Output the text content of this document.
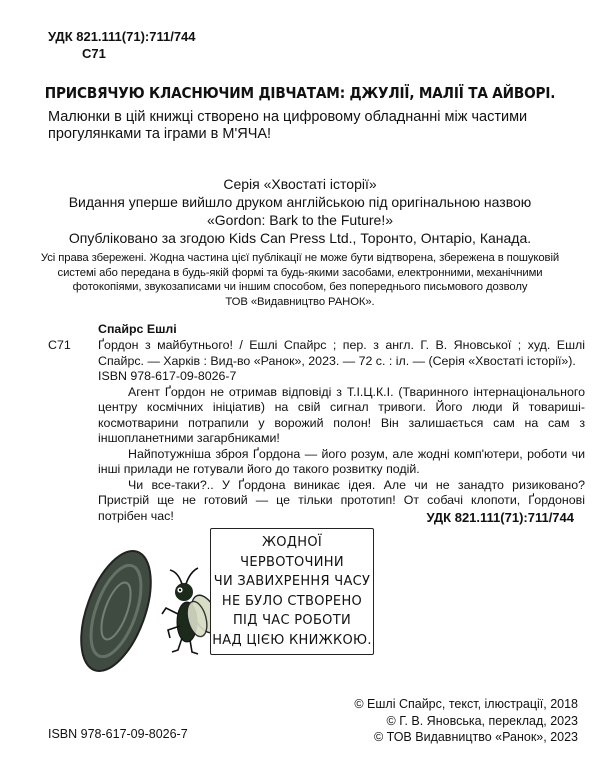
УДК 821.111(71):711/744
С71
ПРИСВЯЧУЮ КЛАСНЮЧИМ ДІВЧАТАМ: ДЖУЛІЇ, МАЛІЇ ТА АЙВОРІ.
Малюнки в цій книжці створено на цифровому обладнанні між частими прогулянками та іграми в М'ЯЧА!
Серія «Хвостаті історії»
Видання уперше вийшло друком англійською під оригінальною назвою
«Gordon: Bark to the Future!»
Опубліковано за згодою Kids Can Press Ltd., Торонто, Онтаріо, Канада.
Усі права збережені. Жодна частина цієї публікації не може бути відтворена, збережена в пошуковій
системі або передана в будь-якій формі та будь-якими засобами, електронними, механічними
фотокопіями, звукозаписами чи іншим способом, без попереднього письмового дозволу
ТОВ «Видавництво РАНОК».
С71
Спайрс Ешлі

Ґордон з майбутнього! / Ешлі Спайрс ; пер. з англ. Г. В. Яновської ; худ. Ешлі Спайрс. — Харків : Вид-во «Ранок», 2023. — 72 с. : іл. — (Серія «Хвостаті історії»).

ISBN 978-617-09-8026-7

Агент Ґордон не отримав відповіді з Т.І.Ц.К.І. (Тваринного інтернаціонального центру космічних ініціатив) на свій сигнал тривоги. Його люди й товариші-космотварини потрапили у ворожий полон! Він залишається сам на сам з іншопланетними загарбниками!

Найпотужніша зброя Ґордона — його розум, але жодні комп'ютери, роботи чи інші прилади не готували його до такого розвитку подій.

Чи все-таки?.. У Ґордона виникає ідея. Але чи не занадто ризиковано? Пристрій ще не готовий — це тільки прототип! От собачі клопоти, Ґордонові потрібен час!	УДК 821.111(71):711/744
ЖОДНОЇ ЧЕРВОТОЧИНИ
ЧИ ЗАВИХРЕННЯ ЧАСУ
НЕ БУЛО СТВОРЕНО
ПІД ЧАС РОБОТИ
НАД ЦІЄЮ КНИЖКОЮ.
ISBN 978-617-09-8026-7
© Ешлі Спайрс, текст, ілюстрації, 2018
© Г. В. Яновська, переклад, 2023
© ТОВ Видавництво «Ранок», 2023
